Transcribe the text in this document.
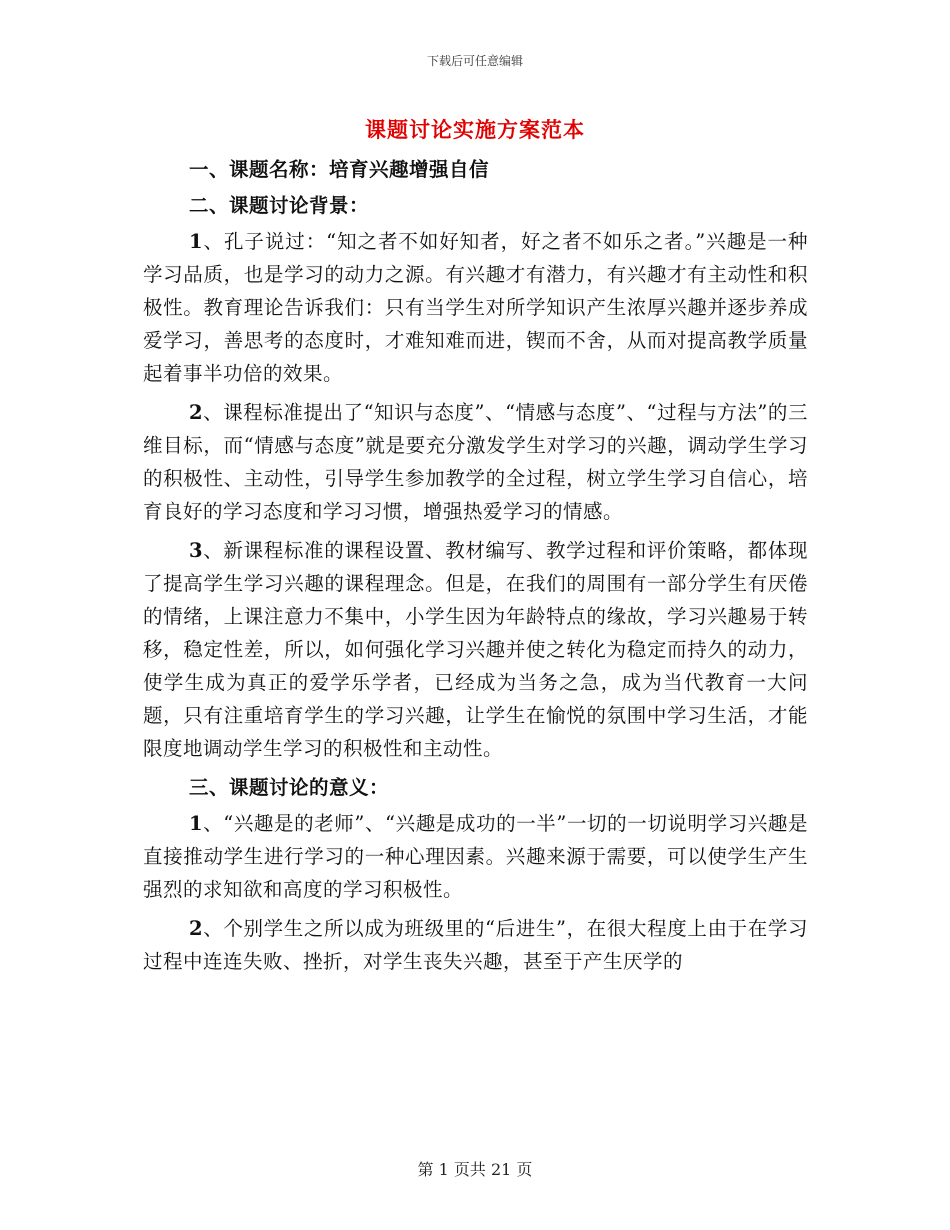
下载后可任意编辑
课题讨论实施方案范本
一、课题名称：培育兴趣增强自信
二、课题讨论背景：

1、孔子说过：“知之者不如好知者，好之者不如乐之者。”兴趣是一种学习品质，也是学习的动力之源。有兴趣才有潜力，有兴趣才有主动性和积极性。教育理论告诉我们：只有当学生对所学知识产生浓厚兴趣并逐步养成爱学习，善思考的态度时，才难知难而进，锲而不舍，从而对提高教学质量起着事半功倍的效果。

2、课程标准提出了“知识与态度”、“情感与态度”、“过程与方法”的三维目标，而“情感与态度”就是要充分激发学生对学习的兴趣，调动学生学习的积极性、主动性，引导学生参加教学的全过程，树立学生学习自信心，培育良好的学习态度和学习习惯，增强热爱学习的情感。

3、新课程标准的课程设置、教材编写、教学过程和评价策略，都体现了提高学生学习兴趣的课程理念。但是，在我们的周围有一部分学生有厌倦的情绪，上课注意力不集中，小学生因为年龄特点的缘故，学习兴趣易于转移，稳定性差，所以，如何强化学习兴趣并使之转化为稳定而持久的动力，使学生成为真正的爱学乐学者，已经成为当务之急，成为当代教育一大问题，只有注重培育学生的学习兴趣，让学生在愉悦的氛围中学习生活，才能限度地调动学生学习的积极性和主动性。

三、课题讨论的意义：

1、“兴趣是的老师”、“兴趣是成功的一半”一切的一切说明学习兴趣是直接推动学生进行学习的一种心理因素。兴趣来源于需要，可以使学生产生强烈的求知欲和高度的学习积极性。

2、个别学生之所以成为班级里的“后进生”，在很大程度上由于在学习过程中连连失败、挫折，对学生丧失兴趣，甚至于产生厌学的

第 1 页共 21 页
